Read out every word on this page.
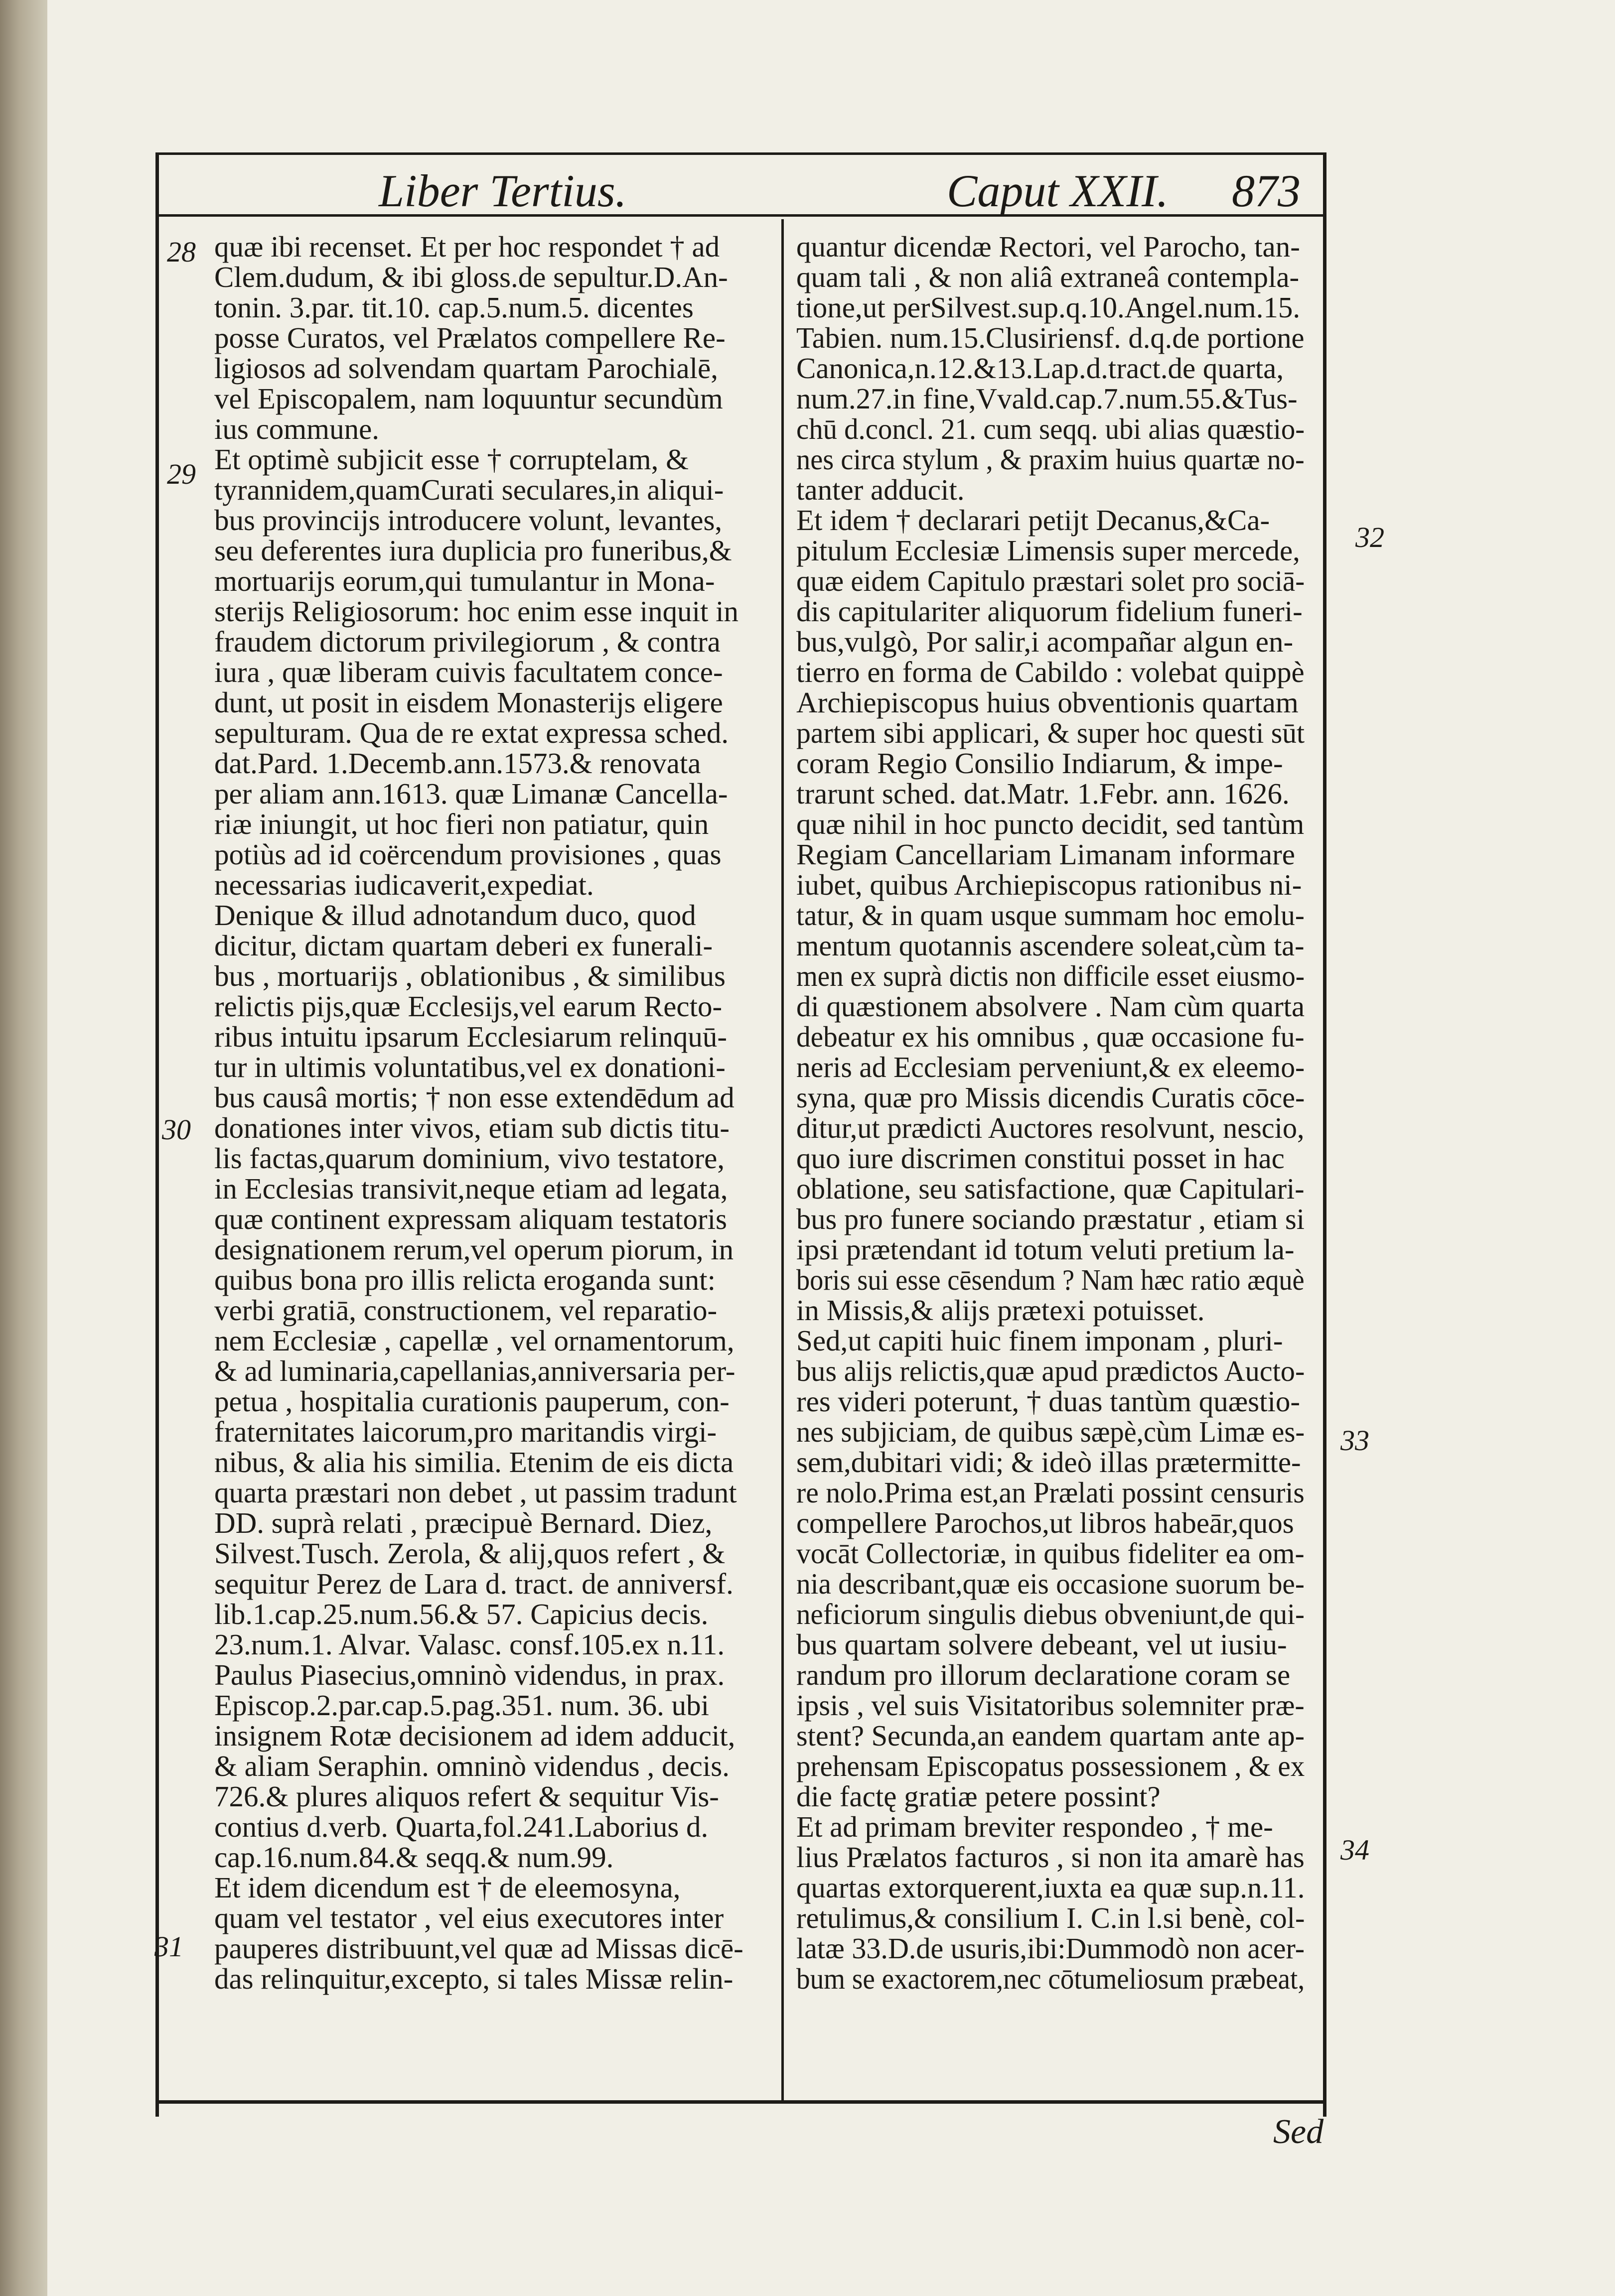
Liber Tertius.	Caput XXII. 873
quæ ibi recenset. Et per hoc respondet † ad
Clem.dudum, & ibi gloss.de sepultur.D.An-
tonin. 3.par. tit.10. cap.5.num.5. dicentes
posse Curatos, vel Prælatos compellere Re-
ligiosos ad solvendam quartam Parochialē,
vel Episcopalem, nam loquuntur secundùm
ius commune.
Et optimè subjicit esse † corruptelam, &
tyrannidem,quamCurati seculares,in aliqui-
bus provincijs introducere volunt, levantes,
seu deferentes iura duplicia pro funeribus,&
mortuarijs eorum,qui tumulantur in Mona-
sterijs Religiosorum: hoc enim esse inquit in
fraudem dictorum privilegiorum , & contra
iura , quæ liberam cuivis facultatem conce-
dunt, ut posit in eisdem Monasterijs eligere
sepulturam. Qua de re extat expressa sched.
dat.Pard. 1.Decemb.ann.1573.& renovata
per aliam ann.1613. quæ Limanæ Cancella-
riæ iniungit, ut hoc fieri non patiatur, quin
potiùs ad id coërcendum provisiones , quas
necessarias iudicaverit,expediat.
Denique & illud adnotandum duco, quod
dicitur, dictam quartam deberi ex funerali-
bus , mortuarijs , oblationibus , & similibus
relictis pijs,quæ Ecclesijs,vel earum Recto-
ribus intuitu ipsarum Ecclesiarum relinquū-
tur in ultimis voluntatibus,vel ex donationi-
bus causâ mortis; † non esse extendēdum ad
donationes inter vivos, etiam sub dictis titu-
lis factas,quarum dominium, vivo testatore,
in Ecclesias transivit,neque etiam ad legata,
quæ continent expressam aliquam testatoris
designationem rerum,vel operum piorum, in
quibus bona pro illis relicta eroganda sunt:
verbi gratiā, constructionem, vel reparatio-
nem Ecclesiæ , capellæ , vel ornamentorum,
& ad luminaria,capellanias,anniversaria per-
petua , hospitalia curationis pauperum, con-
fraternitates laicorum,pro maritandis virgi-
nibus, & alia his similia. Etenim de eis dicta
quarta præstari non debet , ut passim tradunt
DD. suprà relati , præcipuè Bernard. Diez,
Silvest.Tusch. Zerola, & alij,quos refert , &
sequitur Perez de Lara d. tract. de anniversf.
lib.1.cap.25.num.56.& 57. Capicius decis.
23.num.1. Alvar. Valasc. consf.105.ex n.11.
Paulus Piasecius,omninò videndus, in prax.
Episcop.2.par.cap.5.pag.351. num. 36. ubi
insignem Rotæ decisionem ad idem adducit,
& aliam Seraphin. omninò videndus , decis.
726.& plures aliquos refert & sequitur Vis-
contius d.verb. Quarta,fol.241.Laborius d.
cap.16.num.84.& seqq.& num.99.
Et idem dicendum est † de eleemosyna,
quam vel testator , vel eius executores inter
pauperes distribuunt,vel quæ ad Missas dicē-
das relinquitur,excepto, si tales Missæ relin-
quantur dicendæ Rectori, vel Parocho, tan-
quam tali , & non aliâ extraneâ contempla-
tione,ut perSilvest.sup.q.10.Angel.num.15.
Tabien. num.15.Clusiriensf. d.q.de portione
Canonica,n.12.&13.Lap.d.tract.de quarta,
num.27.in fine,Vvald.cap.7.num.55.&Tus-
chū d.concl. 21. cum seqq. ubi alias quæstio-
nes circa stylum , & praxim huius quartæ no-
tanter adducit.
Et idem † declarari petijt Decanus,&Ca-
pitulum Ecclesiæ Limensis super mercede,
quæ eidem Capitulo præstari solet pro sociā-
dis capitulariter aliquorum fidelium funeri-
bus,vulgò, Por salir,i acompañar algun en-
tierro en forma de Cabildo : volebat quippè
Archiepiscopus huius obventionis quartam
partem sibi applicari, & super hoc questi sūt
coram Regio Consilio Indiarum, & impe-
trarunt sched. dat.Matr. 1.Febr. ann. 1626.
quæ nihil in hoc puncto decidit, sed tantùm
Regiam Cancellariam Limanam informare
iubet, quibus Archiepiscopus rationibus ni-
tatur, & in quam usque summam hoc emolu-
mentum quotannis ascendere soleat,cùm ta-
men ex suprà dictis non difficile esset eiusmo-
di quæstionem absolvere . Nam cùm quarta
debeatur ex his omnibus , quæ occasione fu-
neris ad Ecclesiam perveniunt,& ex eleemo-
syna, quæ pro Missis dicendis Curatis cōce-
ditur,ut prædicti Auctores resolvunt, nescio,
quo iure discrimen constitui posset in hac
oblatione, seu satisfactione, quæ Capitulari-
bus pro funere sociando præstatur , etiam si
ipsi prætendant id totum veluti pretium la-
boris sui esse cēsendum ? Nam hæc ratio æquè
in Missis,& alijs prætexi potuisset.
Sed,ut capiti huic finem imponam , pluri-
bus alijs relictis,quæ apud prædictos Aucto-
res videri poterunt, † duas tantùm quæstio-
nes subjiciam, de quibus sæpè,cùm Limæ es-
sem,dubitari vidi; & ideò illas prætermitte-
re nolo.Prima est,an Prælati possint censuris
compellere Parochos,ut libros habeār,quos
vocāt Collectoriæ, in quibus fideliter ea om-
nia describant,quæ eis occasione suorum be-
neficiorum singulis diebus obveniunt,de qui-
bus quartam solvere debeant, vel ut iusiu-
randum pro illorum declaratione coram se
ipsis , vel suis Visitatoribus solemniter præ-
stent? Secunda,an eandem quartam ante ap-
prehensam Episcopatus possessionem , & ex
die factę gratiæ petere possint?
Et ad primam breviter respondeo , † me-
lius Prælatos facturos , si non ita amarè has
quartas extorquerent,iuxta ea quæ sup.n.11.
retulimus,& consilium I. C.in l.si benè, col-
latæ 33.D.de usuris,ibi:Dummodò non acer-
bum se exactorem,nec cōtumeliosum præbeat,
28
29
30
31
32
33
34
Sed
